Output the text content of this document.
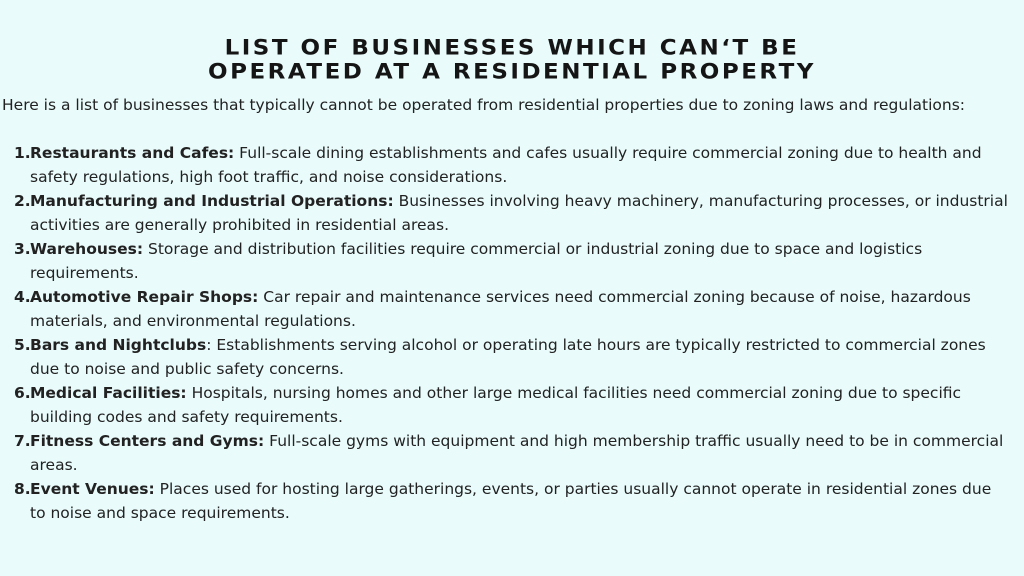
LIST OF BUSINESSES WHICH CAN‘T BE
OPERATED AT A RESIDENTIAL PROPERTY
Here is a list of businesses that typically cannot be operated from residential properties due to zoning laws and regulations:
1. Restaurants and Cafes: Full-scale dining establishments and cafes usually require commercial zoning due to health and safety regulations, high foot traffic, and noise considerations.
2. Manufacturing and Industrial Operations: Businesses involving heavy machinery, manufacturing processes, or industrial activities are generally prohibited in residential areas.
3. Warehouses: Storage and distribution facilities require commercial or industrial zoning due to space and logistics requirements.
4. Automotive Repair Shops: Car repair and maintenance services need commercial zoning because of noise, hazardous materials, and environmental regulations.
5. Bars and Nightclubs: Establishments serving alcohol or operating late hours are typically restricted to commercial zones due to noise and public safety concerns.
6. Medical Facilities: Hospitals, nursing homes and other large medical facilities need commercial zoning due to specific building codes and safety requirements.
7. Fitness Centers and Gyms: Full-scale gyms with equipment and high membership traffic usually need to be in commercial areas.
8. Event Venues: Places used for hosting large gatherings, events, or parties usually cannot operate in residential zones due to noise and space requirements.
